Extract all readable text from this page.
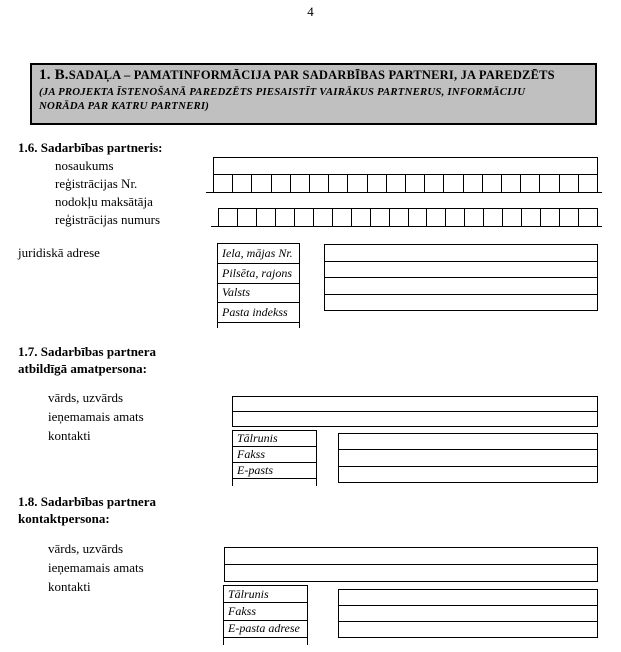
4
1. B.SADAĻA – PAMATINFORMĀCIJA PAR SADARBĪBAS PARTNERI, JA PAREDZĒTS
(JA PROJEKTA ĪSTENOŠANĀ PAREDZĒTS PIESAISTĪT VAIRĀKUS PARTNERUS, INFORMĀCIJU NORĀDA PAR KATRU PARTNERI)
1.6. Sadarbības partneris:
nosaukums
reģistrācijas Nr.
nodokļu maksātāja
reģistrācijas numurs
juridiskā adrese	Iela, mājas Nr.
Pilsēta, rajons
Valsts
Pasta indekss
1.7. Sadarbības partnera
atbildīgā amatpersona:
vārds, uzvārds
ieņemamais amats
kontakti	Tālrunis
Fakss
E-pasts
1.8. Sadarbības partnera
kontaktpersona:
vārds, uzvārds
ieņemamais amats
kontakti	Tālrunis
Fakss
E-pasta adrese
